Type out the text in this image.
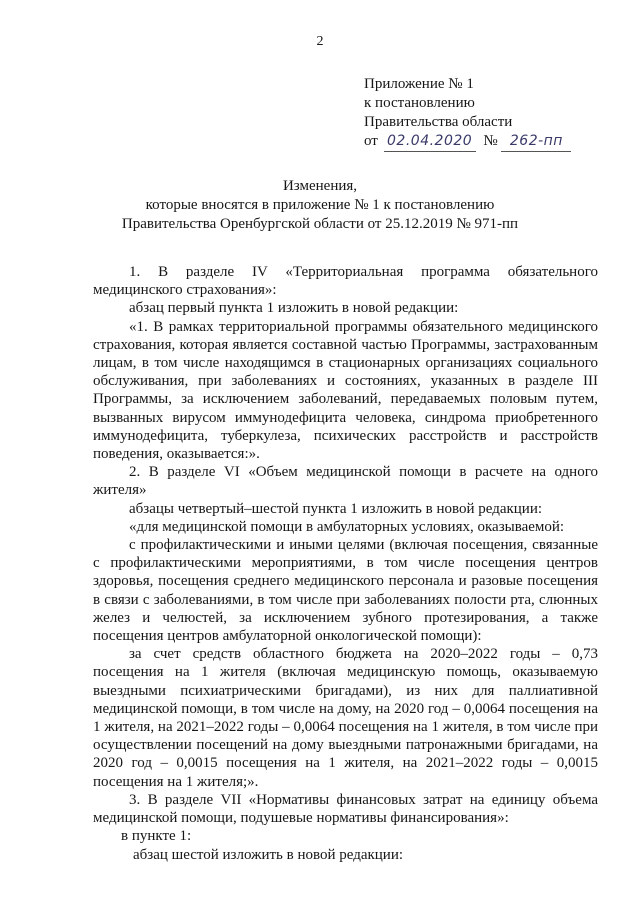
2
Приложение № 1
к постановлению
Правительства области
от 02.04.2020 № 262-пп
Изменения,
которые вносятся в приложение № 1 к постановлению
Правительства Оренбургской области от 25.12.2019 № 971-пп

1. В разделе IV «Территориальная программа обязательного медицинского страхования»:

абзац первый пункта 1 изложить в новой редакции:

«1. В рамках территориальной программы обязательного медицинского страхования, которая является составной частью Программы, застрахованным лицам, в том числе находящимся в стационарных организациях социального обслуживания, при заболеваниях и состояниях, указанных в разделе III Программы, за исключением заболеваний, передаваемых половым путем, вызванных вирусом иммунодефицита человека, синдрома приобретенного иммунодефицита, туберкулеза, психических расстройств и расстройств поведения, оказывается:».

2. В разделе VI «Объем медицинской помощи в расчете на одного жителя»

абзацы четвертый–шестой пункта 1 изложить в новой редакции:

«для медицинской помощи в амбулаторных условиях, оказываемой:

с профилактическими и иными целями (включая посещения, связанные с профилактическими мероприятиями, в том числе посещения центров здоровья, посещения среднего медицинского персонала и разовые посещения в связи с заболеваниями, в том числе при заболеваниях полости рта, слюнных желез и челюстей, за исключением зубного протезирования, а также посещения центров амбулаторной онкологической помощи):

за счет средств областного бюджета на 2020–2022 годы – 0,73 посещения на 1 жителя (включая медицинскую помощь, оказываемую выездными психиатрическими бригадами), из них для паллиативной медицинской помощи, в том числе на дому, на 2020 год – 0,0064 посещения на 1 жителя, на 2021–2022 годы – 0,0064 посещения на 1 жителя, в том числе при осуществлении посещений на дому выездными патронажными бригадами, на 2020 год – 0,0015 посещения на 1 жителя, на 2021–2022 годы – 0,0015 посещения на 1 жителя;».

3. В разделе VII «Нормативы финансовых затрат на единицу объема медицинской помощи, подушевые нормативы финансирования»:

в пункте 1:

абзац шестой изложить в новой редакции:
